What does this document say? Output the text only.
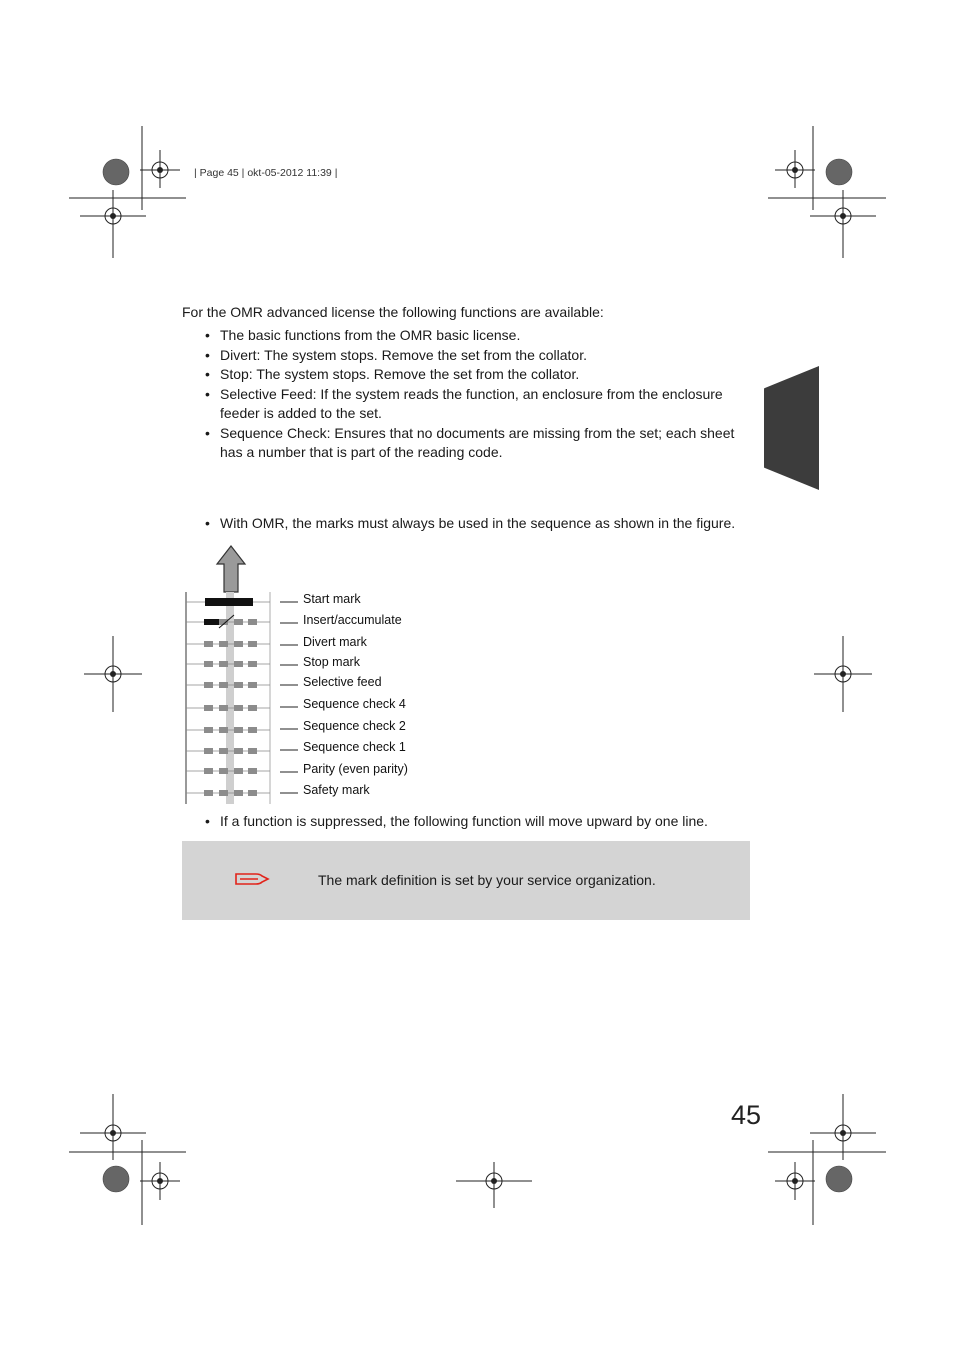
| Page 45 | okt-05-2012 11:39 |
For the OMR advanced license the following functions are available:
• The basic functions from the OMR basic license.
• Divert: The system stops. Remove the set from the collator.
• Stop: The system stops. Remove the set from the collator.
• Selective Feed: If the system reads the function, an enclosure from the enclosure feeder is added to the set.
• Sequence Check: Ensures that no documents are missing from the set; each sheet has a number that is part of the reading code.
• With OMR, the marks must always be used in the sequence as shown in the figure.
Start mark
Insert/accumulate
Divert mark
Stop mark
Selective feed
Sequence check 4
Sequence check 2
Sequence check 1
Parity (even parity)
Safety mark
• If a function is suppressed, the following function will move upward by one line.
The mark definition is set by your service organization.
45
